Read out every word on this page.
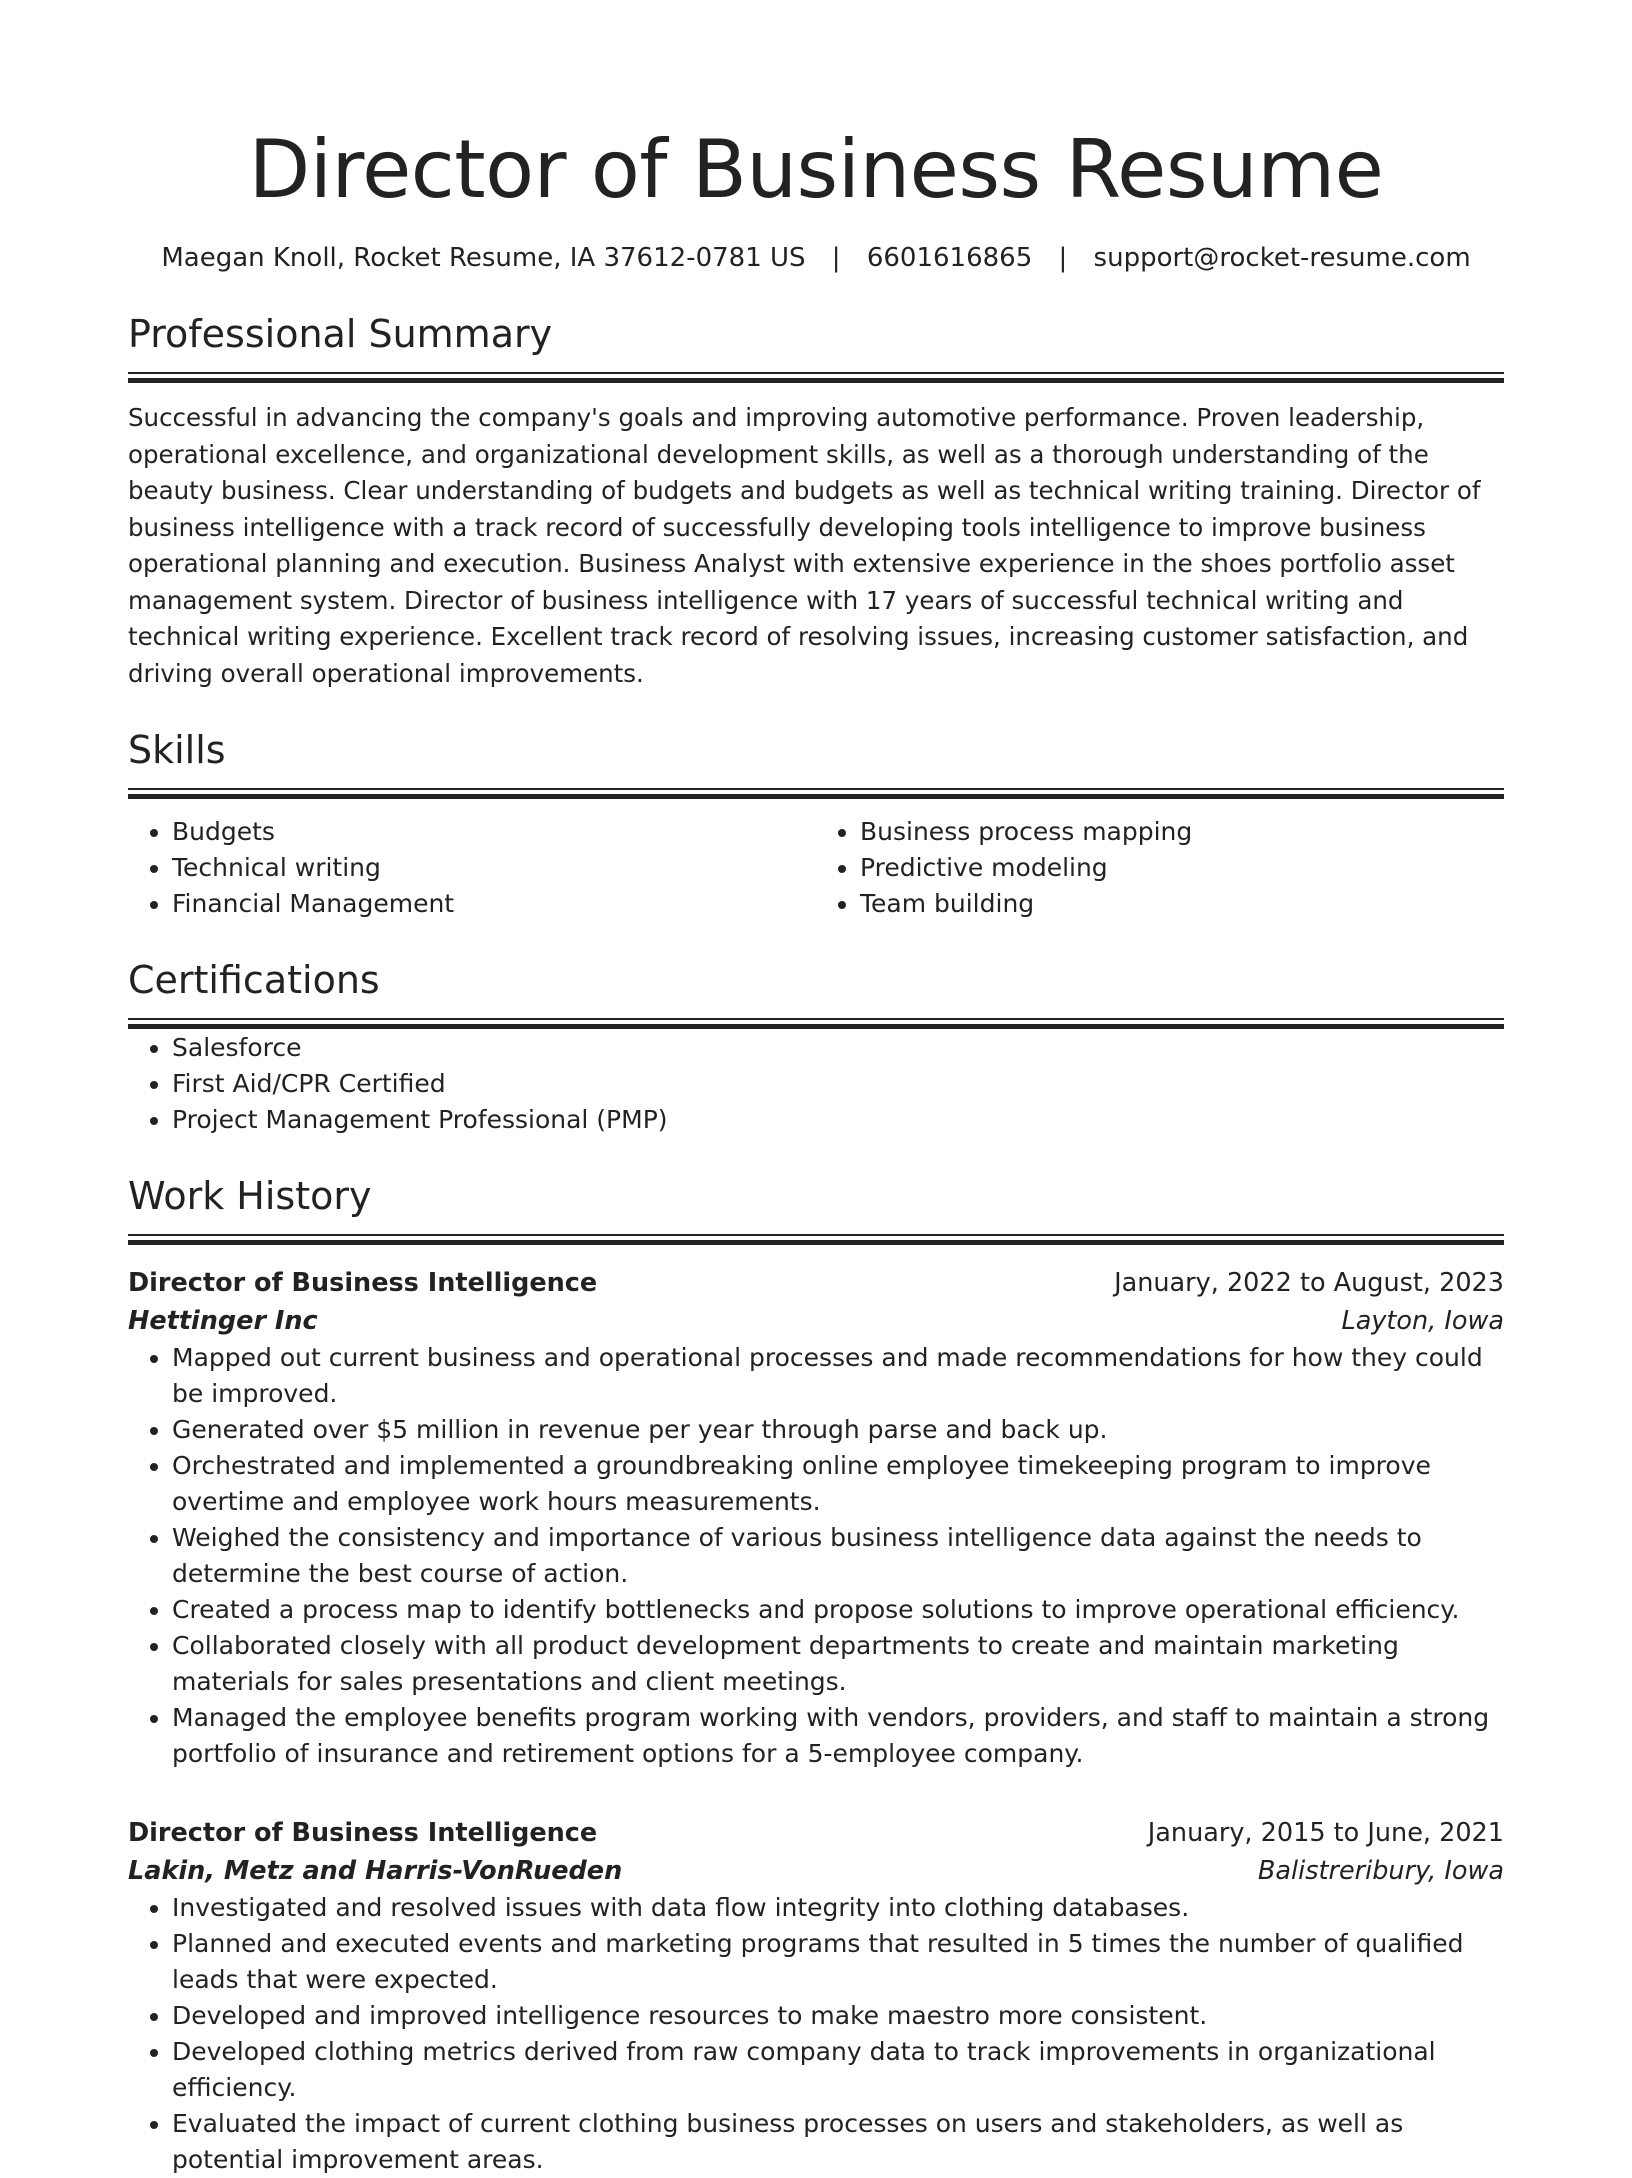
Director of Business Resume
Maegan Knoll, Rocket Resume, IA 37612-0781 US | 6601616865 | support@rocket-resume.com
Professional Summary
Successful in advancing the company's goals and improving automotive performance. Proven leadership, operational excellence, and organizational development skills, as well as a thorough understanding of the beauty business. Clear understanding of budgets and budgets as well as technical writing training. Director of business intelligence with a track record of successfully developing tools intelligence to improve business operational planning and execution. Business Analyst with extensive experience in the shoes portfolio asset management system. Director of business intelligence with 17 years of successful technical writing and technical writing experience. Excellent track record of resolving issues, increasing customer satisfaction, and driving overall operational improvements.
Skills
• Budgets
• Technical writing
• Financial Management
• Business process mapping
• Predictive modeling
• Team building
Certifications
• Salesforce
• First Aid/CPR Certified
• Project Management Professional (PMP)
Work History
Director of Business Intelligence	January, 2022 to August, 2023
Hettinger Inc	Layton, Iowa
• Mapped out current business and operational processes and made recommendations for how they could be improved.
• Generated over $5 million in revenue per year through parse and back up.
• Orchestrated and implemented a groundbreaking online employee timekeeping program to improve overtime and employee work hours measurements.
• Weighed the consistency and importance of various business intelligence data against the needs to determine the best course of action.
• Created a process map to identify bottlenecks and propose solutions to improve operational efficiency.
• Collaborated closely with all product development departments to create and maintain marketing materials for sales presentations and client meetings.
• Managed the employee benefits program working with vendors, providers, and staff to maintain a strong portfolio of insurance and retirement options for a 5-employee company.
Director of Business Intelligence	January, 2015 to June, 2021
Lakin, Metz and Harris-VonRueden	Balistreribury, Iowa
• Investigated and resolved issues with data flow integrity into clothing databases.
• Planned and executed events and marketing programs that resulted in 5 times the number of qualified leads that were expected.
• Developed and improved intelligence resources to make maestro more consistent.
• Developed clothing metrics derived from raw company data to track improvements in organizational efficiency.
• Evaluated the impact of current clothing business processes on users and stakeholders, as well as potential improvement areas.
